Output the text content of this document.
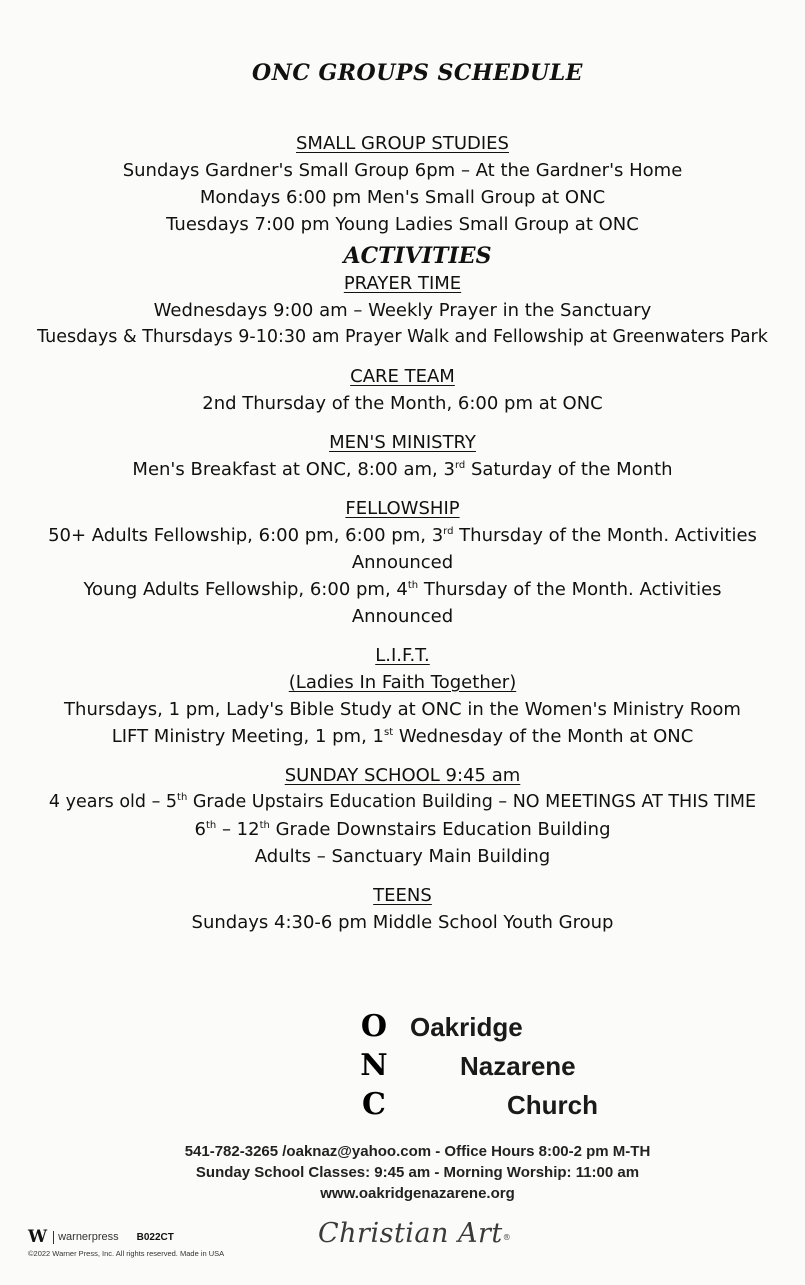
ONC GROUPS SCHEDULE
SMALL GROUP STUDIES
Sundays Gardner's Small Group 6pm – At the Gardner's Home
Mondays 6:00 pm Men's Small Group at ONC
Tuesdays 7:00 pm Young Ladies Small Group at ONC
ACTIVITIES
PRAYER TIME
Wednesdays 9:00 am – Weekly Prayer in the Sanctuary
Tuesdays & Thursdays 9-10:30 am Prayer Walk and Fellowship at Greenwaters Park
CARE TEAM
2nd Thursday of the Month, 6:00 pm at ONC
MEN'S MINISTRY
Men's Breakfast at ONC, 8:00 am, 3rd Saturday of the Month
FELLOWSHIP
50+ Adults Fellowship, 6:00 pm, 6:00 pm, 3rd Thursday of the Month. Activities Announced
Young Adults Fellowship, 6:00 pm, 4th Thursday of the Month. Activities Announced
L.I.F.T.
(Ladies In Faith Together)
Thursdays, 1 pm, Lady's Bible Study at ONC in the Women's Ministry Room
LIFT Ministry Meeting, 1 pm, 1st Wednesday of the Month at ONC
SUNDAY SCHOOL 9:45 am
4 years old – 5th Grade Upstairs Education Building – NO MEETINGS AT THIS TIME
6th – 12th Grade Downstairs Education Building
Adults – Sanctuary Main Building
TEENS
Sundays 4:30-6 pm Middle School Youth Group
O Oakridge
N	Nazarene
C	Church
541-782-3265 /oaknaz@yahoo.com - Office Hours 8:00-2 pm M-TH
Sunday School Classes: 9:45 am - Morning Worship: 11:00 am
www.oakridgenazarene.org
W warnerpress B022CT
©2022 Warner Press, Inc. All rights reserved. Made in USA
Christian Art®
